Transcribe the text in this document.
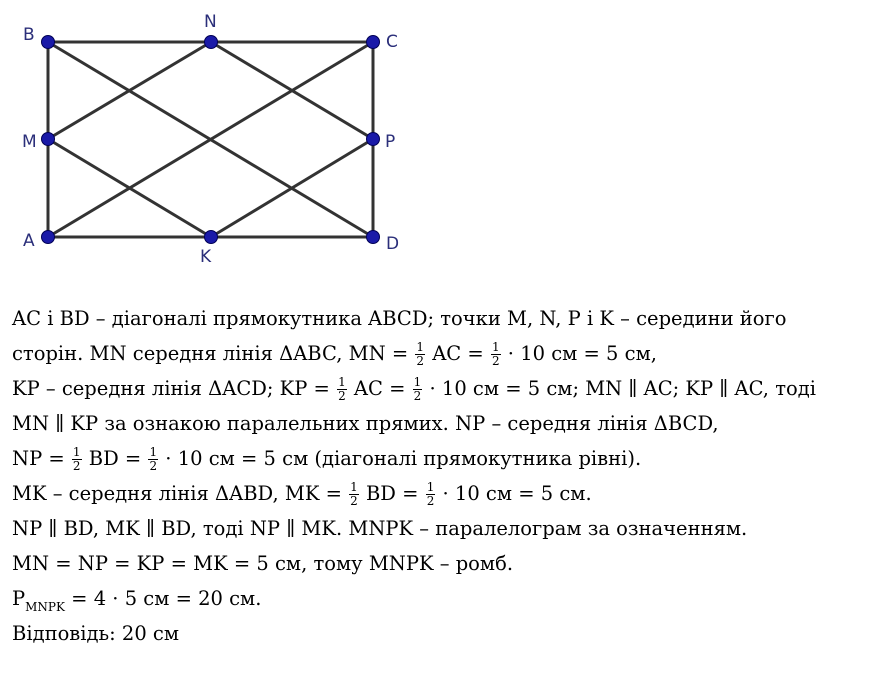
B
N
C
M	P
A
K
D
AC і BD – діагоналі прямокутника ABCD; точки M, N, P і K – середини його
сторін. MN середня лінія ΔABC, MN = $\frac{1}{2}$ AC = $\frac{1}{2} \cdot 10$ см = 5 см,
KP – середня лінія ΔACD; KP = $\frac{1}{2}$ AC = $\frac{1}{2} \cdot 10$ см = 5 см; MN ∥ AC; KP ∥ AC, тоді
MN ∥ KP за ознакою паралельних прямих. NP – середня лінія ΔBCD,
NP = $\frac{1}{2}$ BD = $\frac{1}{2} \cdot 10$ см = 5 см (діагоналі прямокутника рівні).
MK – середня лінія ΔABD, MK = $\frac{1}{2}$ BD = $\frac{1}{2} \cdot 10$ см = 5 см.
NP ∥ BD, MK ∥ BD, тоді NP ∥ MK. MNPK – паралелограм за означенням.
MN = NP = KP = MK = 5 см, тому MNPK – ромб.
$P_{MNPK} = 4 \cdot 5$ см = 20 см.
Відповідь: 20 см
